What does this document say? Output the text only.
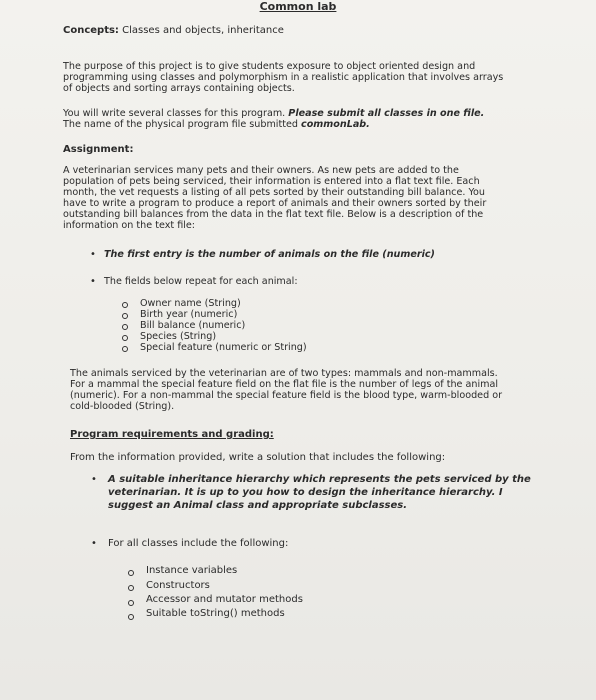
Common lab
Concepts: Classes and objects, inheritance
The purpose of this project is to give students exposure to object oriented design and
programming using classes and polymorphism in a realistic application that involves arrays
of objects and sorting arrays containing objects.
You will write several classes for this program. Please submit all classes in one file.
The name of the physical program file submitted commonLab.
Assignment:
A veterinarian services many pets and their owners. As new pets are added to the
population of pets being serviced, their information is entered into a flat text file. Each
month, the vet requests a listing of all pets sorted by their outstanding bill balance. You
have to write a program to produce a report of animals and their owners sorted by their
outstanding bill balances from the data in the flat text file. Below is a description of the
information on the text file:
• The first entry is the number of animals on the file (numeric)
• The fields below repeat for each animal:
Owner name (String)
Birth year (numeric)
Bill balance (numeric)
Species (String)
Special feature (numeric or String)
The animals serviced by the veterinarian are of two types: mammals and non-mammals.
For a mammal the special feature field on the flat file is the number of legs of the animal
(numeric). For a non-mammal the special feature field is the blood type, warm-blooded or
cold-blooded (String).
Program requirements and grading:
From the information provided, write a solution that includes the following:
• A suitable inheritance hierarchy which represents the pets serviced by the
veterinarian. It is up to you how to design the inheritance hierarchy. I
suggest an Animal class and appropriate subclasses.
• For all classes include the following:
Instance variables
Constructors
Accessor and mutator methods
Suitable toString() methods
